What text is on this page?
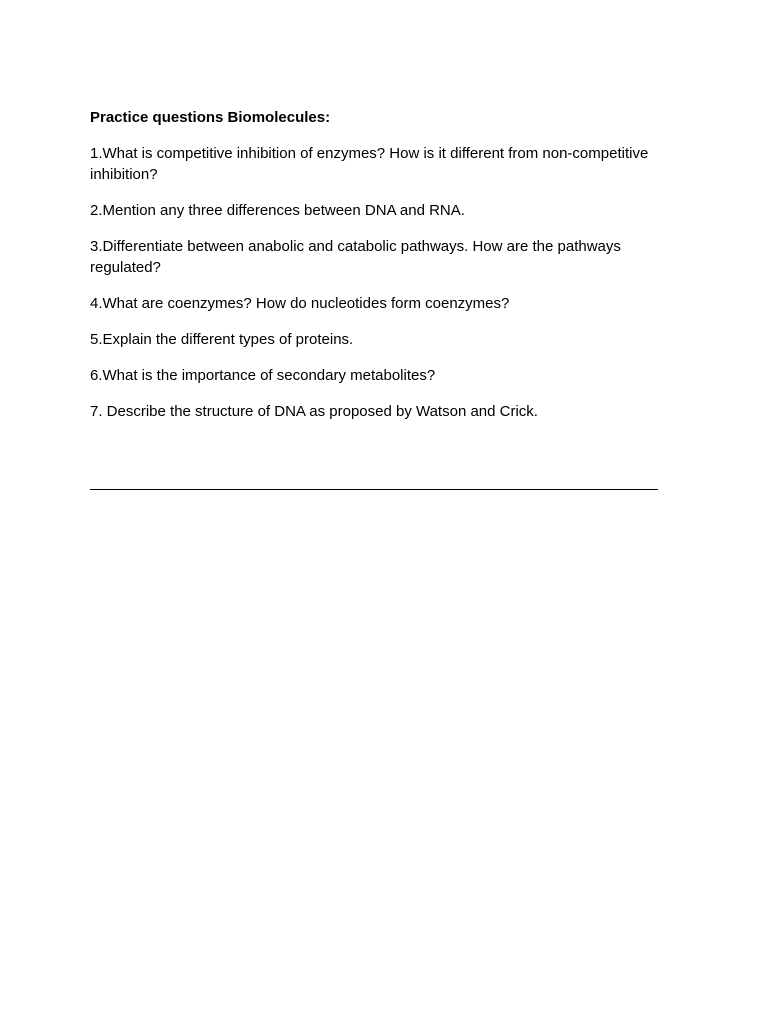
Practice questions Biomolecules:

1.What is competitive inhibition of enzymes? How is it different from non-competitive inhibition?

2.Mention any three differences between DNA and RNA.

3.Differentiate between anabolic and catabolic pathways. How are the pathways regulated?

4.What are coenzymes? How do nucleotides form coenzymes?

5.Explain the different types of proteins.

6.What is the importance of secondary metabolites?

7. Describe the structure of DNA as proposed by Watson and Crick.
